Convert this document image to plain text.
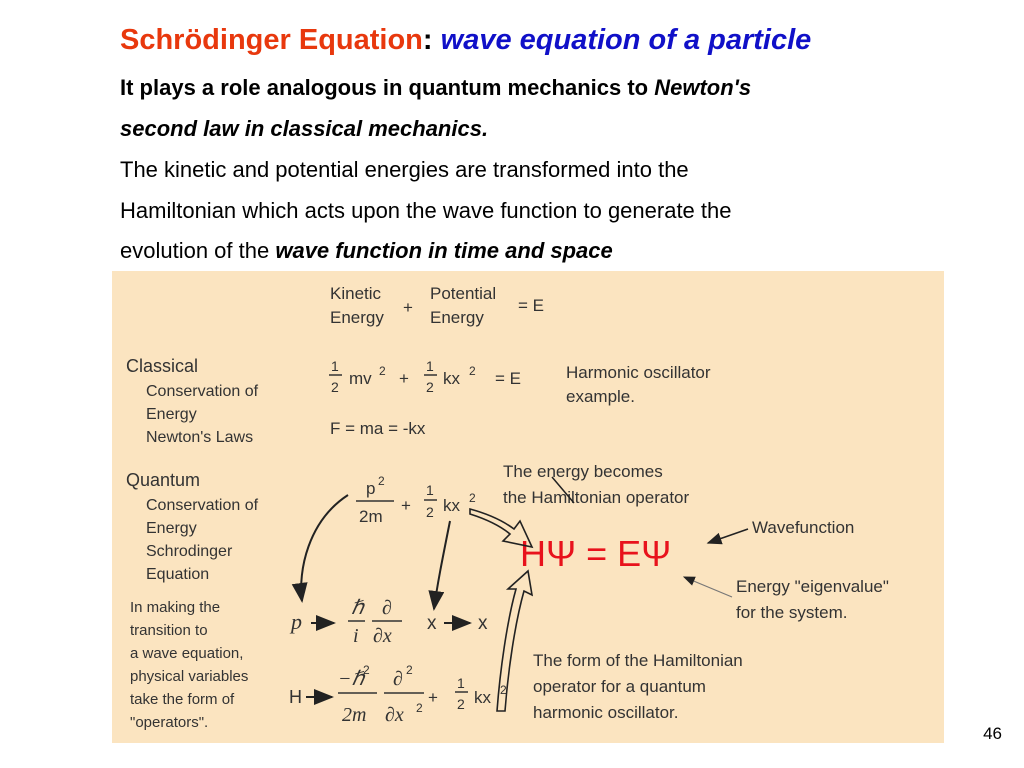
Schrödinger Equation: wave equation of a particle
It plays a role analogous in quantum mechanics to Newton's
second law in classical mechanics.
The kinetic and potential energies are transformed into the
Hamiltonian which acts upon the wave function to generate the
evolution of the wave function in time and space
Kinetic
Energy
+
Potential
Energy
= E
Classical
Conservation of
Energy
Newton's Laws
1
2 mv 2 +
1
2 kx 2 = E
F = ma = -kx
Harmonic oscillator
example.
Quantum
Conservation of
Energy
Schrodinger
Equation
The energy becomes
the Hamiltonian operator
p 2
2m
+
1
2 kx 2
HΨ = EΨ
Wavefunction
Energy "eigenvalue"
for the system.
In making the
transition to
a wave equation,
physical variables
take the form of
"operators".
p
ℏ
i
∂
∂x
x x
H
−ℏ
2
2m
∂ 2
∂x 2
+
1
2 kx 2
The form of the Hamiltonian
operator for a quantum
harmonic oscillator.
46
